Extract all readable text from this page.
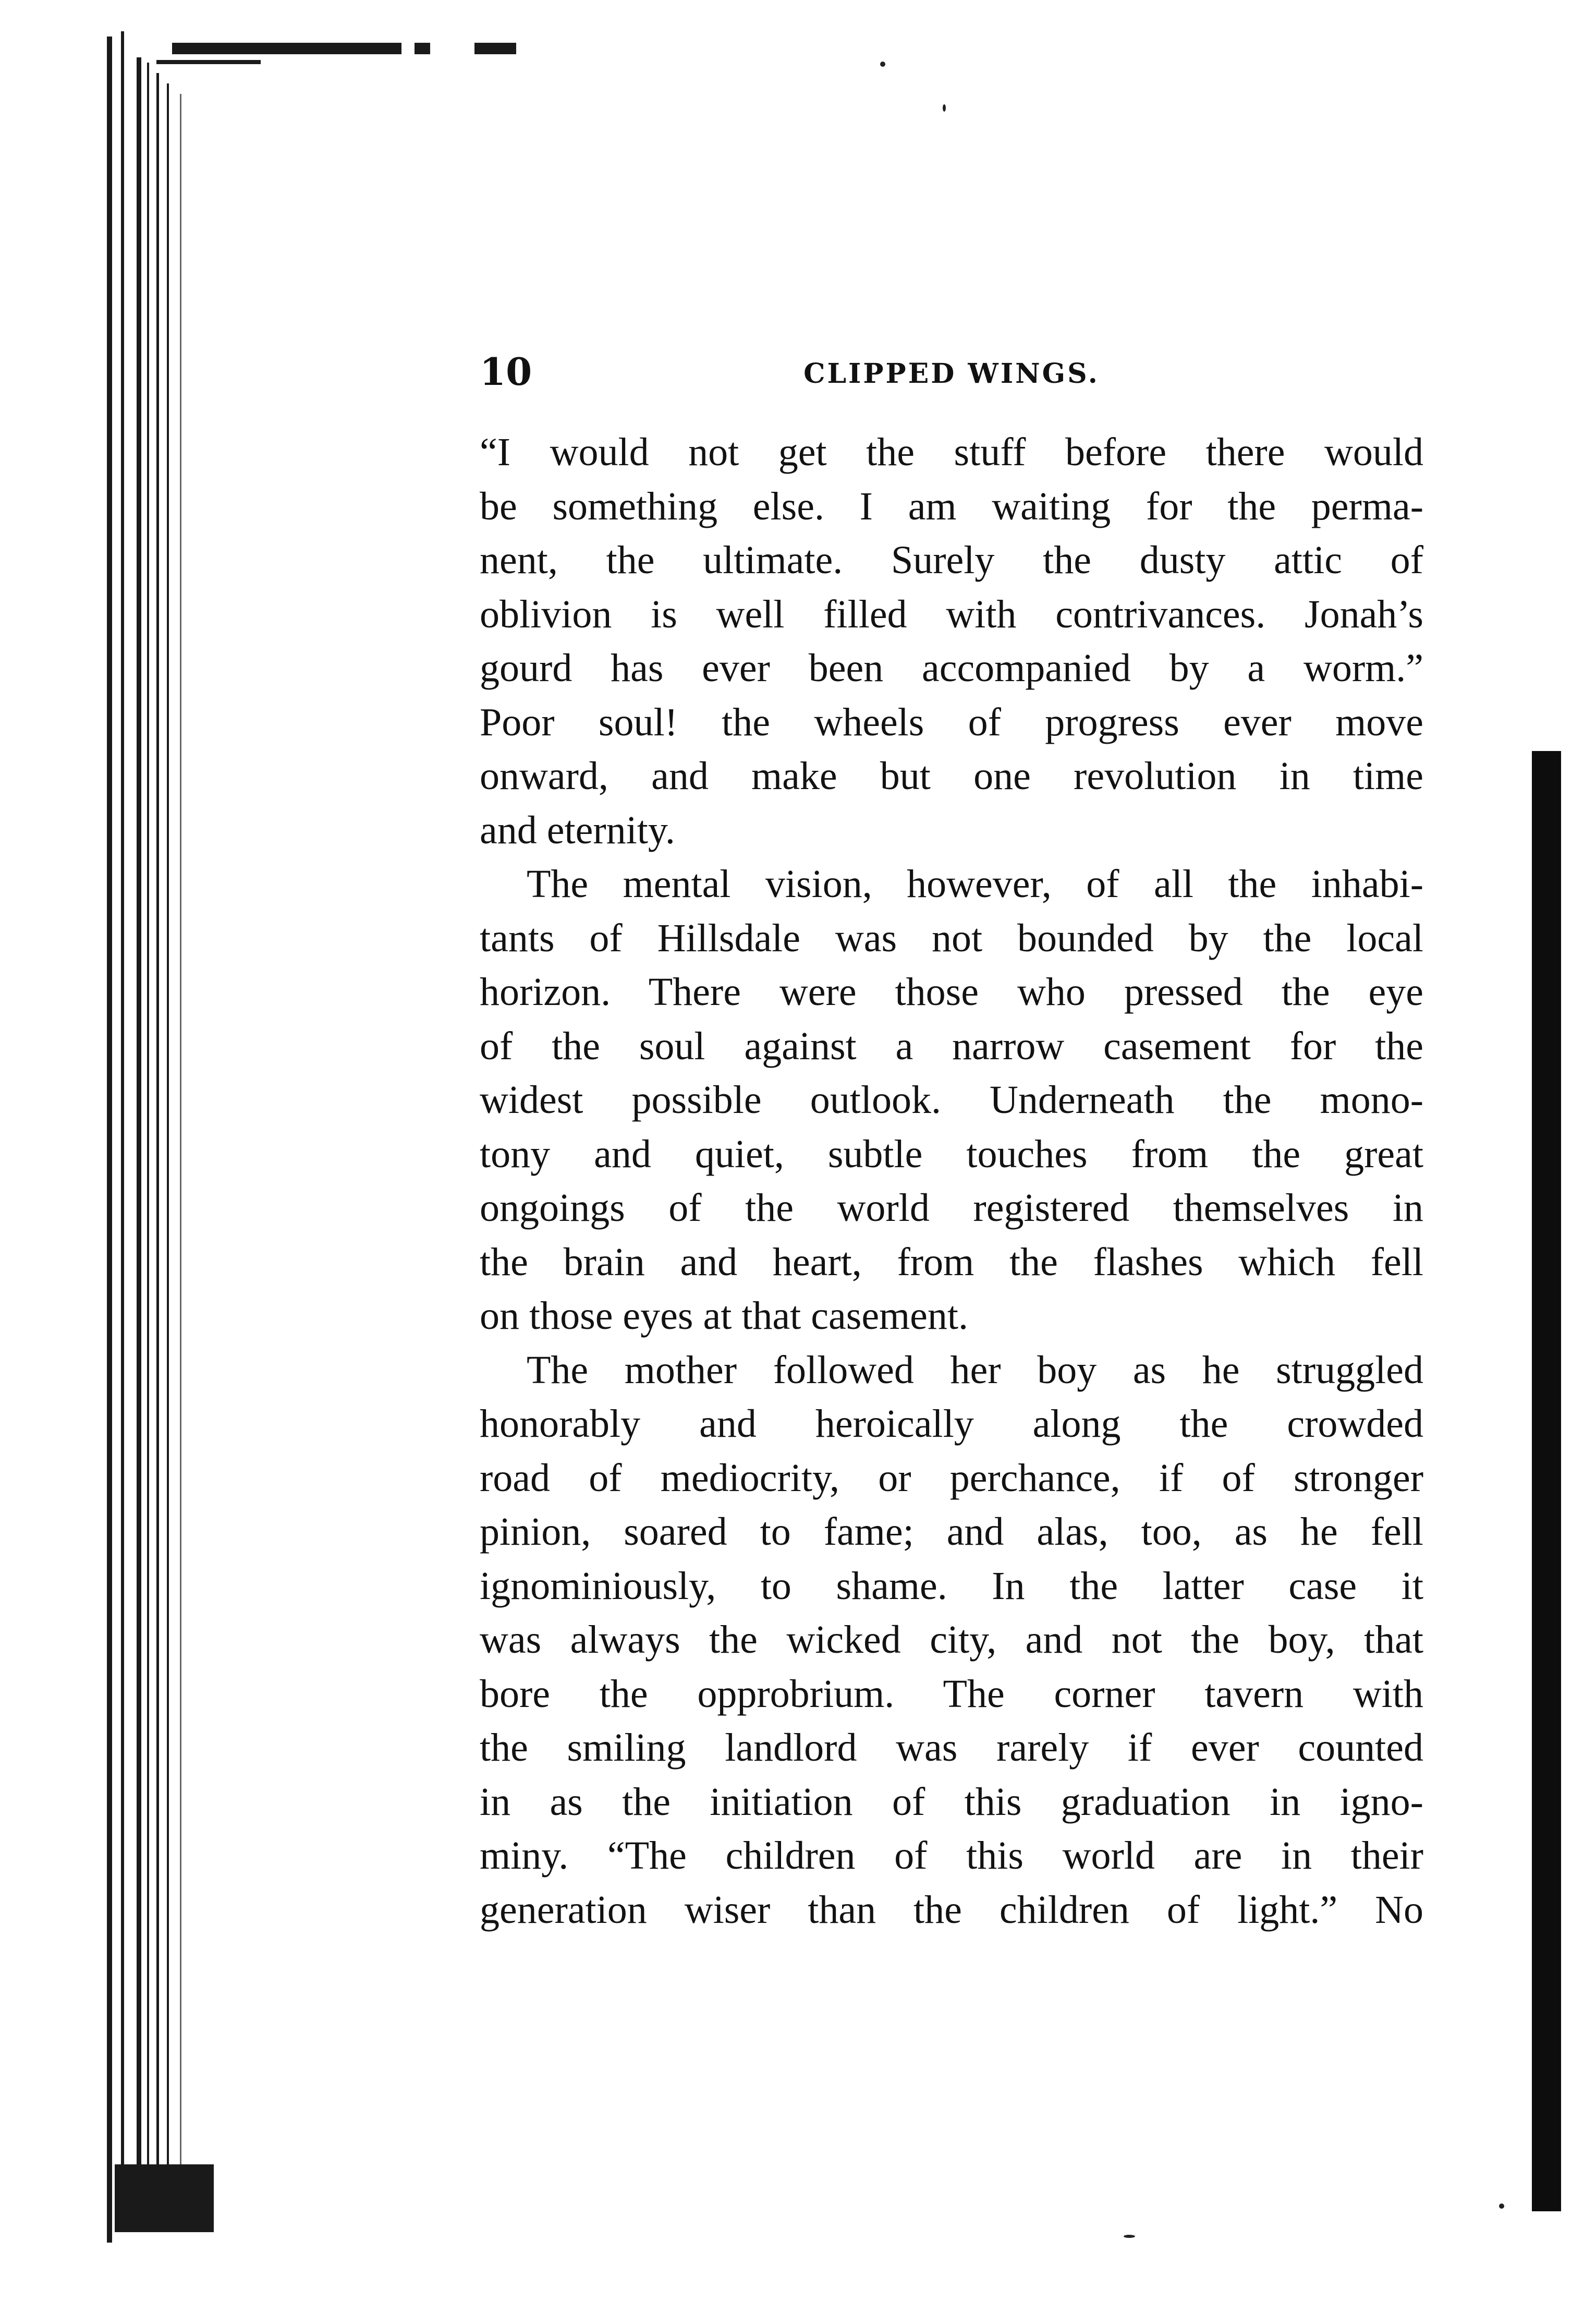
10	CLIPPED WINGS.

“I would not get the stuff before there would
be something else. I am waiting for the perma-
nent, the ultimate. Surely the dusty attic of
oblivion is well filled with contrivances. Jonah’s
gourd has ever been accompanied by a worm.”
Poor soul! the wheels of progress ever move
onward, and make but one revolution in time
and eternity.

The mental vision, however, of all the inhabi-
tants of Hillsdale was not bounded by the local
horizon. There were those who pressed the eye
of the soul against a narrow casement for the
widest possible outlook. Underneath the mono-
tony and quiet, subtle touches from the great
ongoings of the world registered themselves in
the brain and heart, from the flashes which fell
on those eyes at that casement.

The mother followed her boy as he struggled
honorably and heroically along the crowded
road of mediocrity, or perchance, if of stronger
pinion, soared to fame; and alas, too, as he fell
ignominiously, to shame. In the latter case it
was always the wicked city, and not the boy, that
bore the opprobrium. The corner tavern with
the smiling landlord was rarely if ever counted
in as the initiation of this graduation in igno-
miny. “The children of this world are in their
generation wiser than the children of light.” No
